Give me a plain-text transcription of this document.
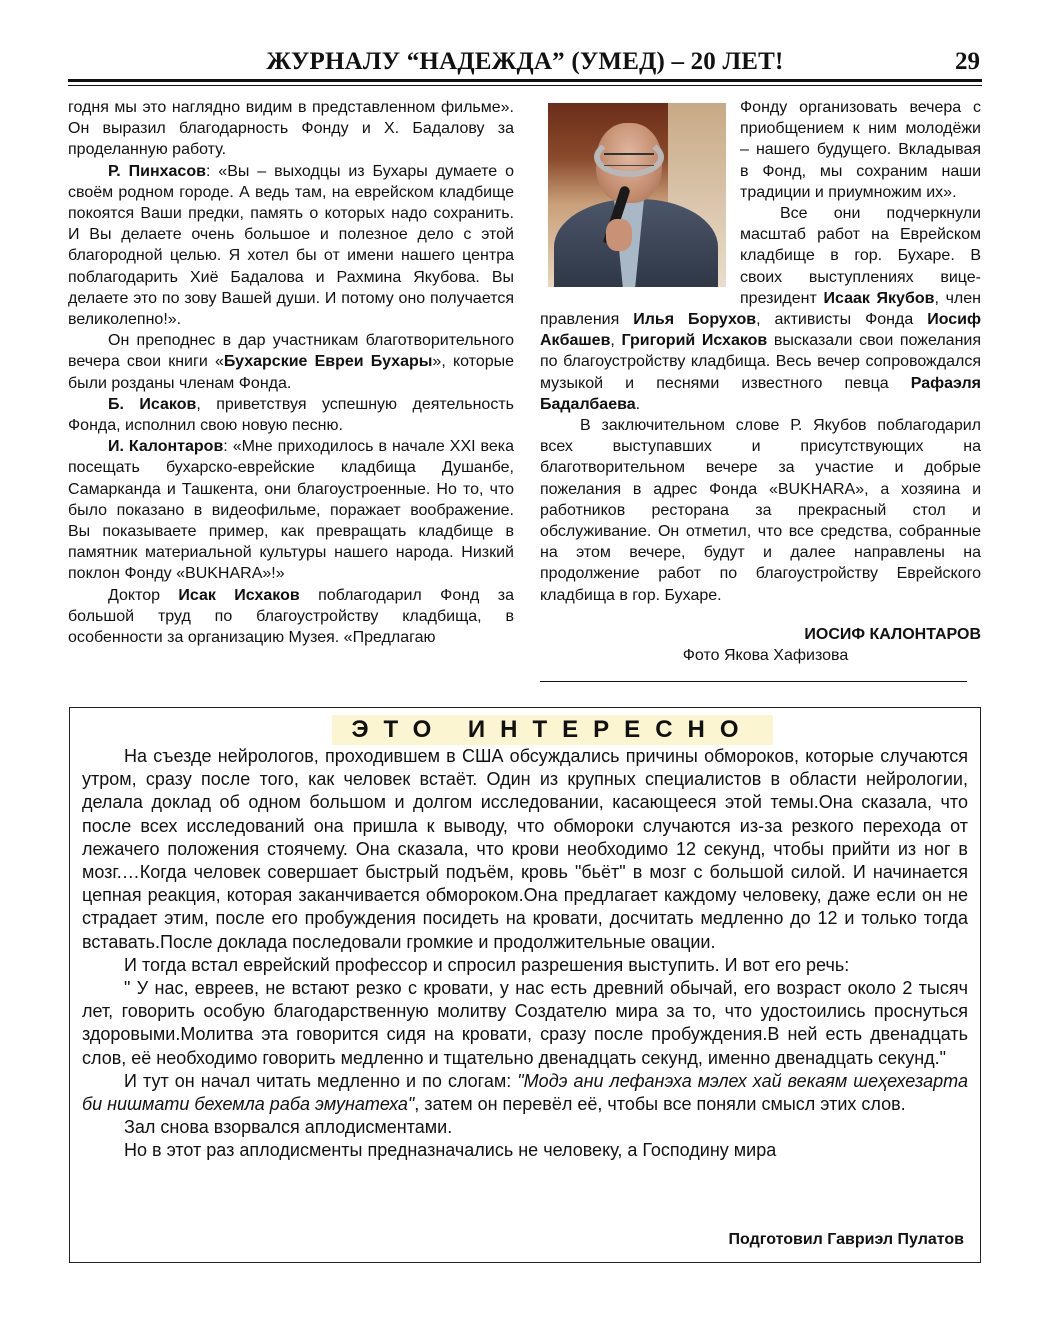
ЖУРНАЛУ “НАДЕЖДА” (УМЕД) – 20 ЛЕТ!	29

годня мы это наглядно видим в представленном фильме». Он выразил благодарность Фонду и Х. Бадалову за проделанную работу.

Р. Пинхасов: «Вы – выходцы из Бухары думаете о своём родном городе. А ведь там, на еврейском кладбище покоятся Ваши предки, память о которых надо сохранить. И Вы делаете очень большое и полезное дело с этой благородной целью. Я хотел бы от имени нашего центра поблагодарить Хиё Бадалова и Рахмина Якубова. Вы делаете это по зову Вашей души. И потому оно получается великолепно!».

Он преподнес в дар участникам благотворительного вечера свои книги «Бухарские Евреи Бухары», которые были розданы членам Фонда.

Б. Исаков, приветствуя успешную деятельность Фонда, исполнил свою новую песню.

И. Калонтаров: «Мне приходилось в начале XXI века посещать бухарско-еврейские кладбища Душанбе, Самарканда и Ташкента, они благоустроенные. Но то, что было показано в видеофильме, поражает воображение. Вы показываете пример, как превращать кладбище в памятник материальной культуры нашего народа. Низкий поклон Фонду «BUKHARA»!»

Доктор Исак Исхаков поблагодарил Фонд за большой труд по благоустройству кладбища, в особенности за организацию Музея. «Предлагаю

Фонду организовать вечера с приобщением к ним молодёжи – нашего будущего. Вкладывая в Фонд, мы сохраним наши традиции и приумножим их».

Все они подчеркнули масштаб работ на Еврейском кладбище в гор. Бухаре. В своих выступлениях вице-президент Исаак Якубов, член правления Илья Борухов, активисты Фонда Иосиф Акбашев, Григорий Исхаков высказали свои пожелания по благоустройству кладбища. Весь вечер сопровождался музыкой и песнями известного певца Рафаэля Бадалбаева.

В заключительном слове Р. Якубов поблагодарил всех выступавших и присутствующих на благотворительном вечере за участие и добрые пожелания в адрес Фонда «BUKHARA», а хозяина и работников ресторана за прекрасный стол и обслуживание. Он отметил, что все средства, собранные на этом вечере, будут и далее направлены на продолжение работ по благоустройству Еврейского кладбища в гор. Бухаре.

ИОСИФ КАЛОНТАРОВ
Фото Якова Хафизова
ЭТО ИНТЕРЕСНО

На съезде нейрологов, проходившем в США обсуждались причины обмороков, которые случаются утром, сразу после того, как человек встаёт. Один из крупных специалистов в области нейрологии, делала доклад об одном большом и долгом исследовании, касающееся этой темы.Она сказала, что после всех исследований она пришла к выводу, что обмороки случаются из-за резкого перехода от лежачего положения стоячему. Она сказала, что крови необходимо 12 секунд, чтобы прийти из ног в мозг.…Когда человек совершает быстрый подъём, кровь "бьёт" в мозг с большой силой. И начинается цепная реакция, которая заканчивается обмороком.Она предлагает каждому человеку, даже если он не страдает этим, после его пробуждения посидеть на кровати, досчитать медленно до 12 и только тогда вставать.После доклада последовали громкие и продолжительные овации.

И тогда встал еврейский профессор и спросил разрешения выступить. И вот его речь:

" У нас, евреев, не встают резко с кровати, у нас есть древний обычай, его возраст около 2 тысяч лет, говорить особую благодарственную молитву Создателю мира за то, что удостоились проснуться здоровыми.Молитва эта говорится сидя на кровати, сразу после пробуждения.В ней есть двенадцать слов, её необходимо говорить медленно и тщательно двенадцать секунд, именно двенадцать секунд."

И тут он начал читать медленно и по слогам: "Модэ ани лефанэха мэлех хай векаям шеҳехезарта би нишмати бехемла раба эмунатеха", затем он перевёл её, чтобы все поняли смысл этих слов.

Зал снова взорвался аплодисментами.

Но в этот раз аплодисменты предназначались не человеку, а Господину мира

Подготовил Гавриэл Пулатов
